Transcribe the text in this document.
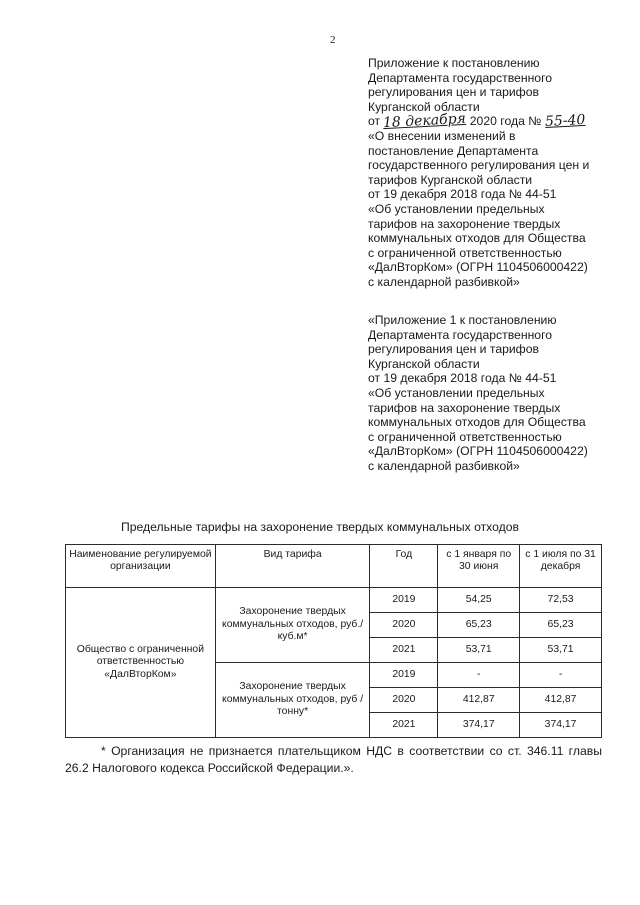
2
Приложение к постановлению
Департамента государственного
регулирования цен и тарифов
Курганской области
от 18 декабря 2020 года № 55-40
«О внесении изменений в
постановление Департамента
государственного регулирования цен и
тарифов Курганской области
от 19 декабря 2018 года № 44-51
«Об установлении предельных
тарифов на захоронение твердых
коммунальных отходов для Общества
с ограниченной ответственностью
«ДалВторКом» (ОГРН 1104506000422)
с календарной разбивкой»
«Приложение 1 к постановлению
Департамента государственного
регулирования цен и тарифов
Курганской области
от 19 декабря 2018 года № 44-51
«Об установлении предельных
тарифов на захоронение твердых
коммунальных отходов для Общества
с ограниченной ответственностью
«ДалВторКом» (ОГРН 1104506000422)
с календарной разбивкой»
Предельные тарифы на захоронение твердых коммунальных отходов
Наименование регулируемой организации	Вид тарифа	Год	с 1 января по 30 июня	с 1 июля по 31 декабря
Общество с ограниченной ответственностью «ДалВторКом»	Захоронение твердых коммунальных отходов, руб./куб.м*	2019	54,25	72,53
		2020	65,23	65,23
		2021	53,71	53,71
	Захоронение твердых коммунальных отходов, руб /тонну*	2019	-	-
		2020	412,87	412,87
		2021	374,17	374,17
* Организация не признается плательщиком НДС в соответствии со ст. 346.11 главы 26.2 Налогового кодекса Российской Федерации.».
